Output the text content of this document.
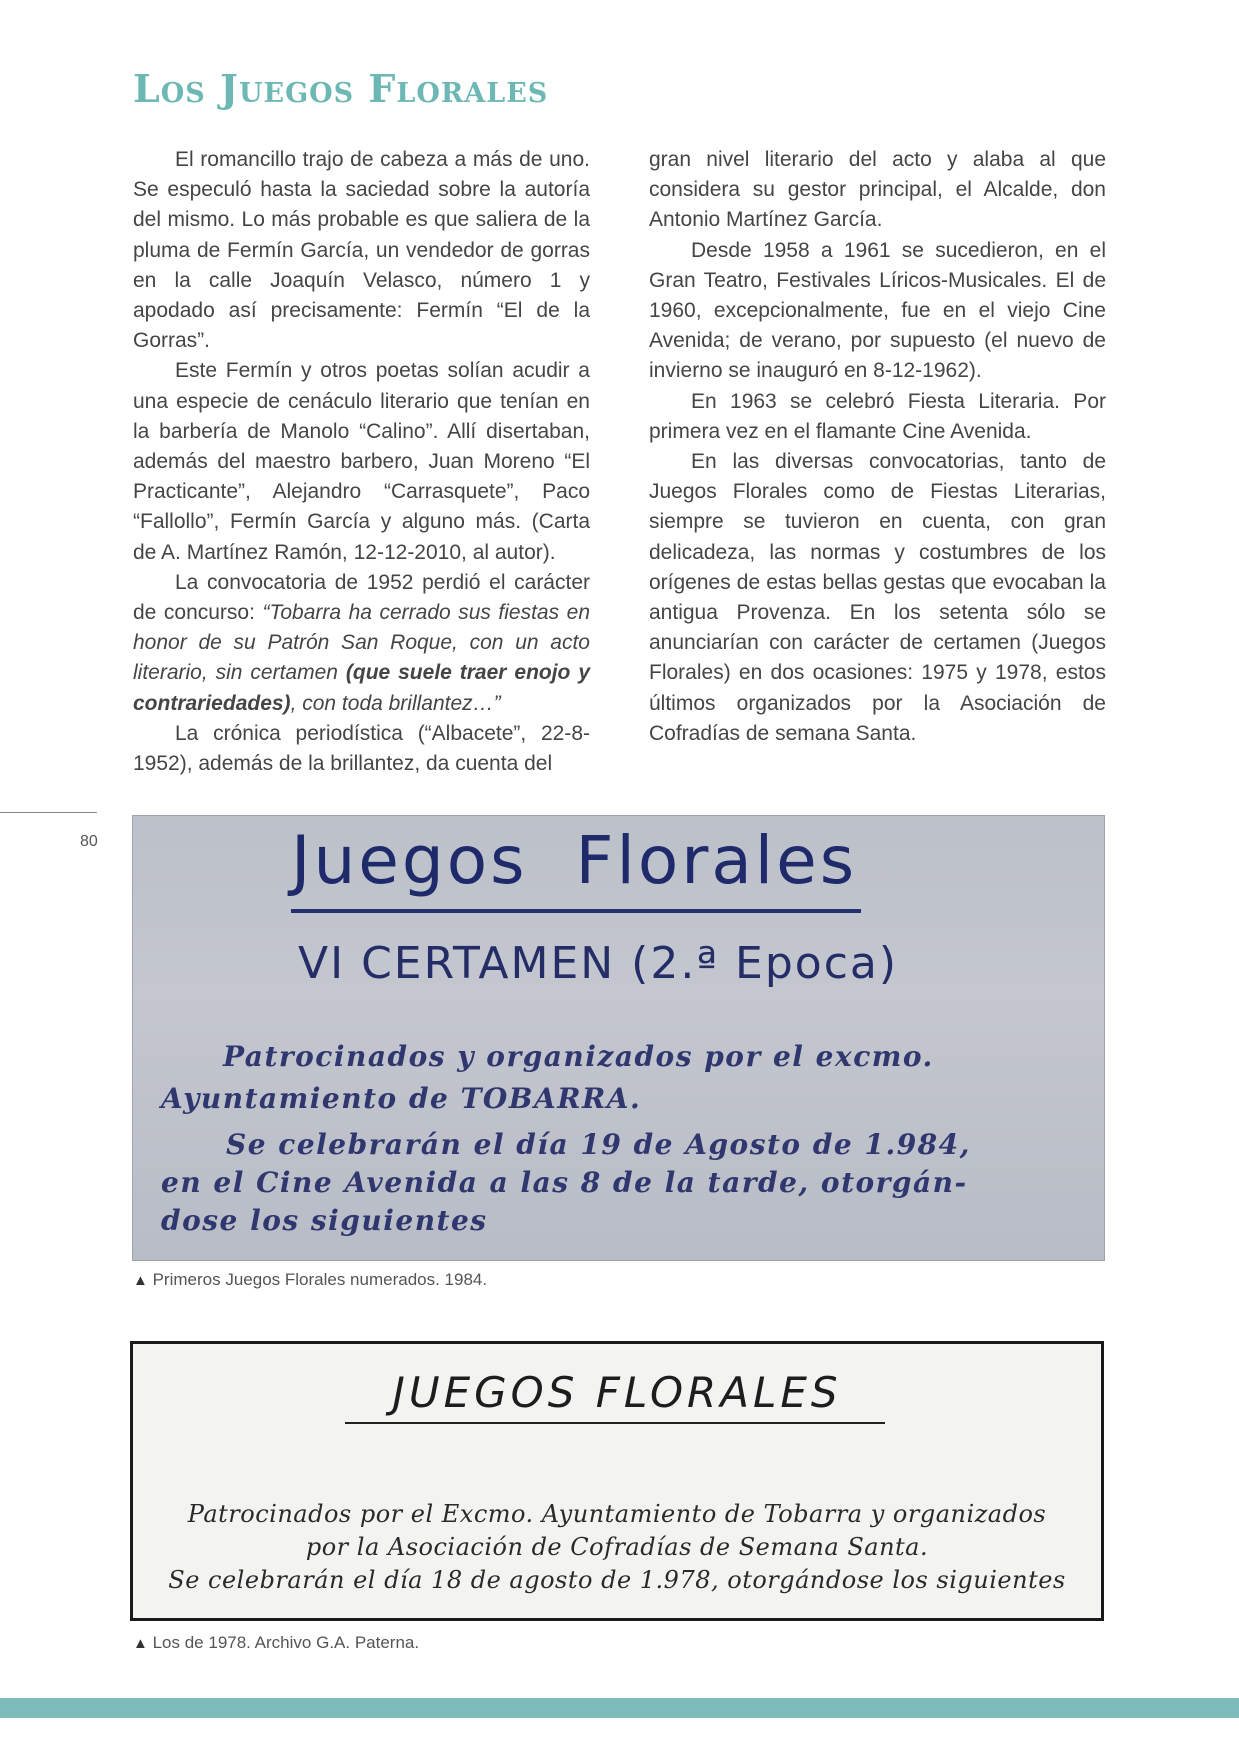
Los Juegos Florales

El romancillo trajo de cabeza a más de uno. Se especuló hasta la saciedad sobre la autoría del mismo. Lo más probable es que saliera de la pluma de Fermín García, un vendedor de gorras en la calle Joaquín Velasco, número 1 y apodado así precisamente: Fermín “El de la Gorras”.

Este Fermín y otros poetas solían acudir a una especie de cenáculo literario que tenían en la barbería de Manolo “Calino”. Allí disertaban, además del maestro barbero, Juan Moreno “El Practicante”, Alejandro “Carrasquete”, Paco “Fallollo”, Fermín García y alguno más. (Carta de A. Martínez Ramón, 12-12-2010, al autor).

La convocatoria de 1952 perdió el carácter de concurso: “Tobarra ha cerrado sus fiestas en honor de su Patrón San Roque, con un acto literario, sin certamen (que suele traer enojo y contrariedades), con toda brillantez…”

La crónica periodística (“Albacete”, 22-8-1952), además de la brillantez, da cuenta del

gran nivel literario del acto y alaba al que considera su gestor principal, el Alcalde, don Antonio Martínez García.

Desde 1958 a 1961 se sucedieron, en el Gran Teatro, Festivales Líricos-Musicales. El de 1960, excepcionalmente, fue en el viejo Cine Avenida; de verano, por supuesto (el nuevo de invierno se inauguró en 8-12-1962).

En 1963 se celebró Fiesta Literaria. Por primera vez en el flamante Cine Avenida.

En las diversas convocatorias, tanto de Juegos Florales como de Fiestas Literarias, siempre se tuvieron en cuenta, con gran delicadeza, las normas y costumbres de los orígenes de estas bellas gestas que evocaban la antigua Provenza. En los setenta sólo se anunciarían con carácter de certamen (Juegos Florales) en dos ocasiones: 1975 y 1978, estos últimos organizados por la Asociación de Cofradías de semana Santa.

80	Juegos  Florales

VI CERTAMEN (2.ª Epoca)
Patrocinados y organizados por el excmo.
Ayuntamiento de TOBARRA.
Se celebrarán el día 19 de Agosto de 1.984,
en el Cine Avenida a las 8 de la tarde, otorgán-
dose los siguientes
▲ Primeros Juegos Florales numerados. 1984.
JUEGOS FLORALES
Patrocinados por el Excmo. Ayuntamiento de Tobarra y organizados
por la Asociación de Cofradías de Semana Santa.
Se celebrarán el día 18 de agosto de 1.978, otorgándose los siguientes
▲ Los de 1978. Archivo G.A. Paterna.
